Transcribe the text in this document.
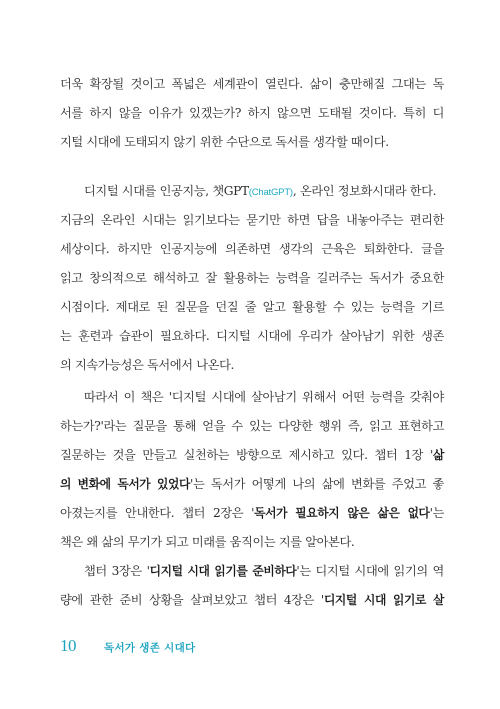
더욱 확장될 것이고 폭넓은 세계관이 열린다. 삶이 충만해질 그대는 독
서를 하지 않을 이유가 있겠는가? 하지 않으면 도태될 것이다. 특히 디
지털 시대에 도태되지 않기 위한 수단으로 독서를 생각할 때이다.
디지털 시대를 인공지능, 챗GPT(ChatGPT), 온라인 정보화시대라 한다.
지금의 온라인 시대는 읽기보다는 묻기만 하면 답을 내놓아주는 편리한
세상이다. 하지만 인공지능에 의존하면 생각의 근육은 퇴화한다. 글을
읽고 창의적으로 해석하고 잘 활용하는 능력을 길러주는 독서가 중요한
시점이다. 제대로 된 질문을 던질 줄 알고 활용할 수 있는 능력을 기르
는 훈련과 습관이 필요하다. 디지털 시대에 우리가 살아남기 위한 생존
의 지속가능성은 독서에서 나온다.
따라서 이 책은 '디지털 시대에 살아남기 위해서 어떤 능력을 갖춰야
하는가?'라는 질문을 통해 얻을 수 있는 다양한 행위 즉, 읽고 표현하고
질문하는 것을 만들고 실천하는 방향으로 제시하고 있다. 챕터 1장 '삶
의 변화에 독서가 있었다'는 독서가 어떻게 나의 삶에 변화를 주었고 좋
아졌는지를 안내한다. 챕터 2장은 '독서가 필요하지 않은 삶은 없다'는
책은 왜 삶의 무기가 되고 미래를 움직이는 지를 알아본다.
챕터 3장은 '디지털 시대 읽기를 준비하다'는 디지털 시대에 읽기의 역
량에 관한 준비 상황을 살펴보았고 챕터 4장은 '디지털 시대 읽기로 살
10	독서가 생존 시대다
